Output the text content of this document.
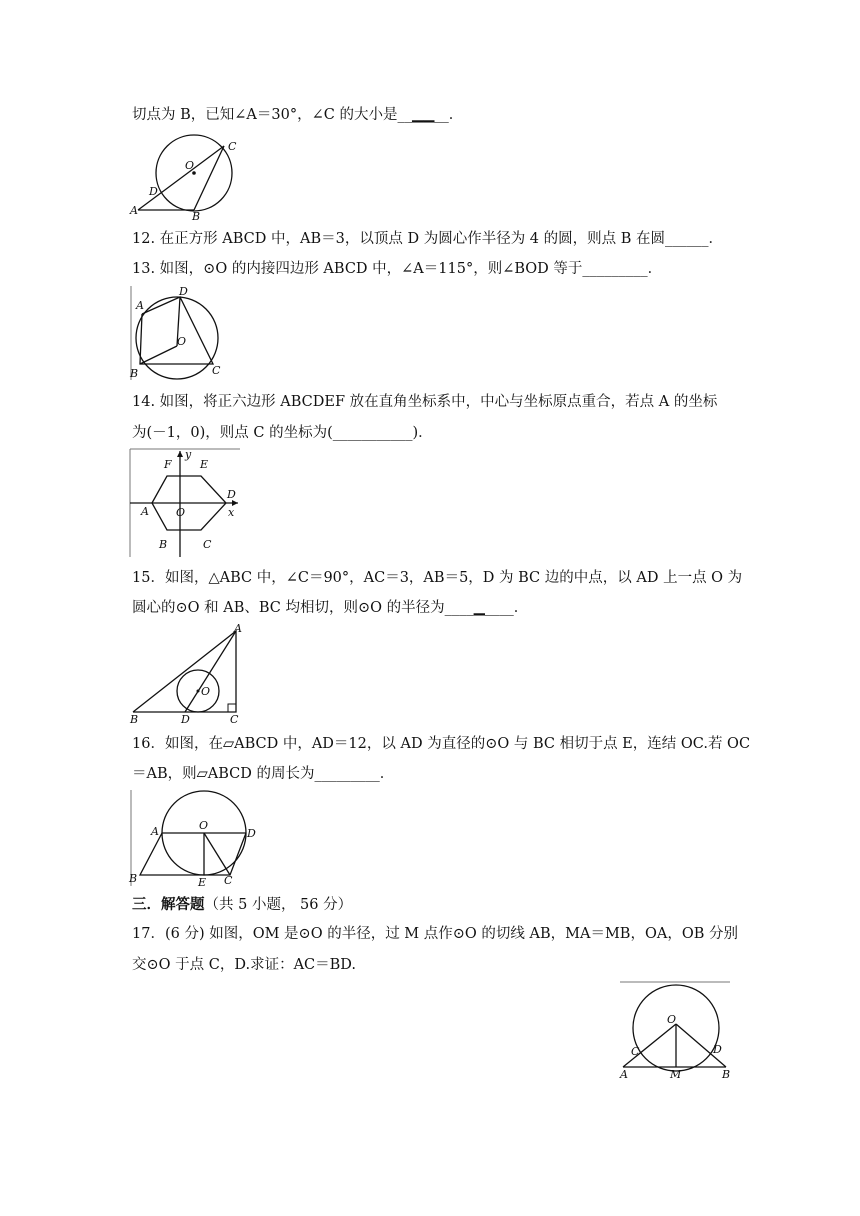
切点为 B，已知∠A＝30°，∠C 的大小是__▁▁__．
C
O
D
A	B
12. 在正方形 ABCD 中，AB＝3，以顶点 D 为圆心作半径为 4 的圆，则点 B 在圆______．
13. 如图，⊙O 的内接四边形 ABCD 中，∠A＝115°，则∠BOD 等于_________．
A
D
O
B	C
14. 如图，将正六边形 ABCDEF 放在直角坐标系中，中心与坐标原点重合，若点 A 的坐标
为(－1，0)，则点 C 的坐标为(___________)．
F	E
y
D
A O	x
B	C
15．如图，△ABC 中，∠C＝90°，AC＝3，AB＝5，D 为 BC 边的中点，以 AD 上一点 O 为
圆心的⊙O 和 AB、BC 均相切，则⊙O 的半径为____▁____．
A
O
B	D	C
16．如图，在▱ABCD 中，AD＝12，以 AD 为直径的⊙O 与 BC 相切于点 E，连结 OC.若 OC
＝AB，则▱ABCD 的周长为_________．
A	O
D
B	E C
三．解答题（共 5 小题， 56 分）
17．(6 分) 如图，OM 是⊙O 的半径，过 M 点作⊙O 的切线 AB，MA＝MB，OA，OB 分别
交⊙O 于点 C，D.求证：AC＝BD.
O
C	D
A	M	B
